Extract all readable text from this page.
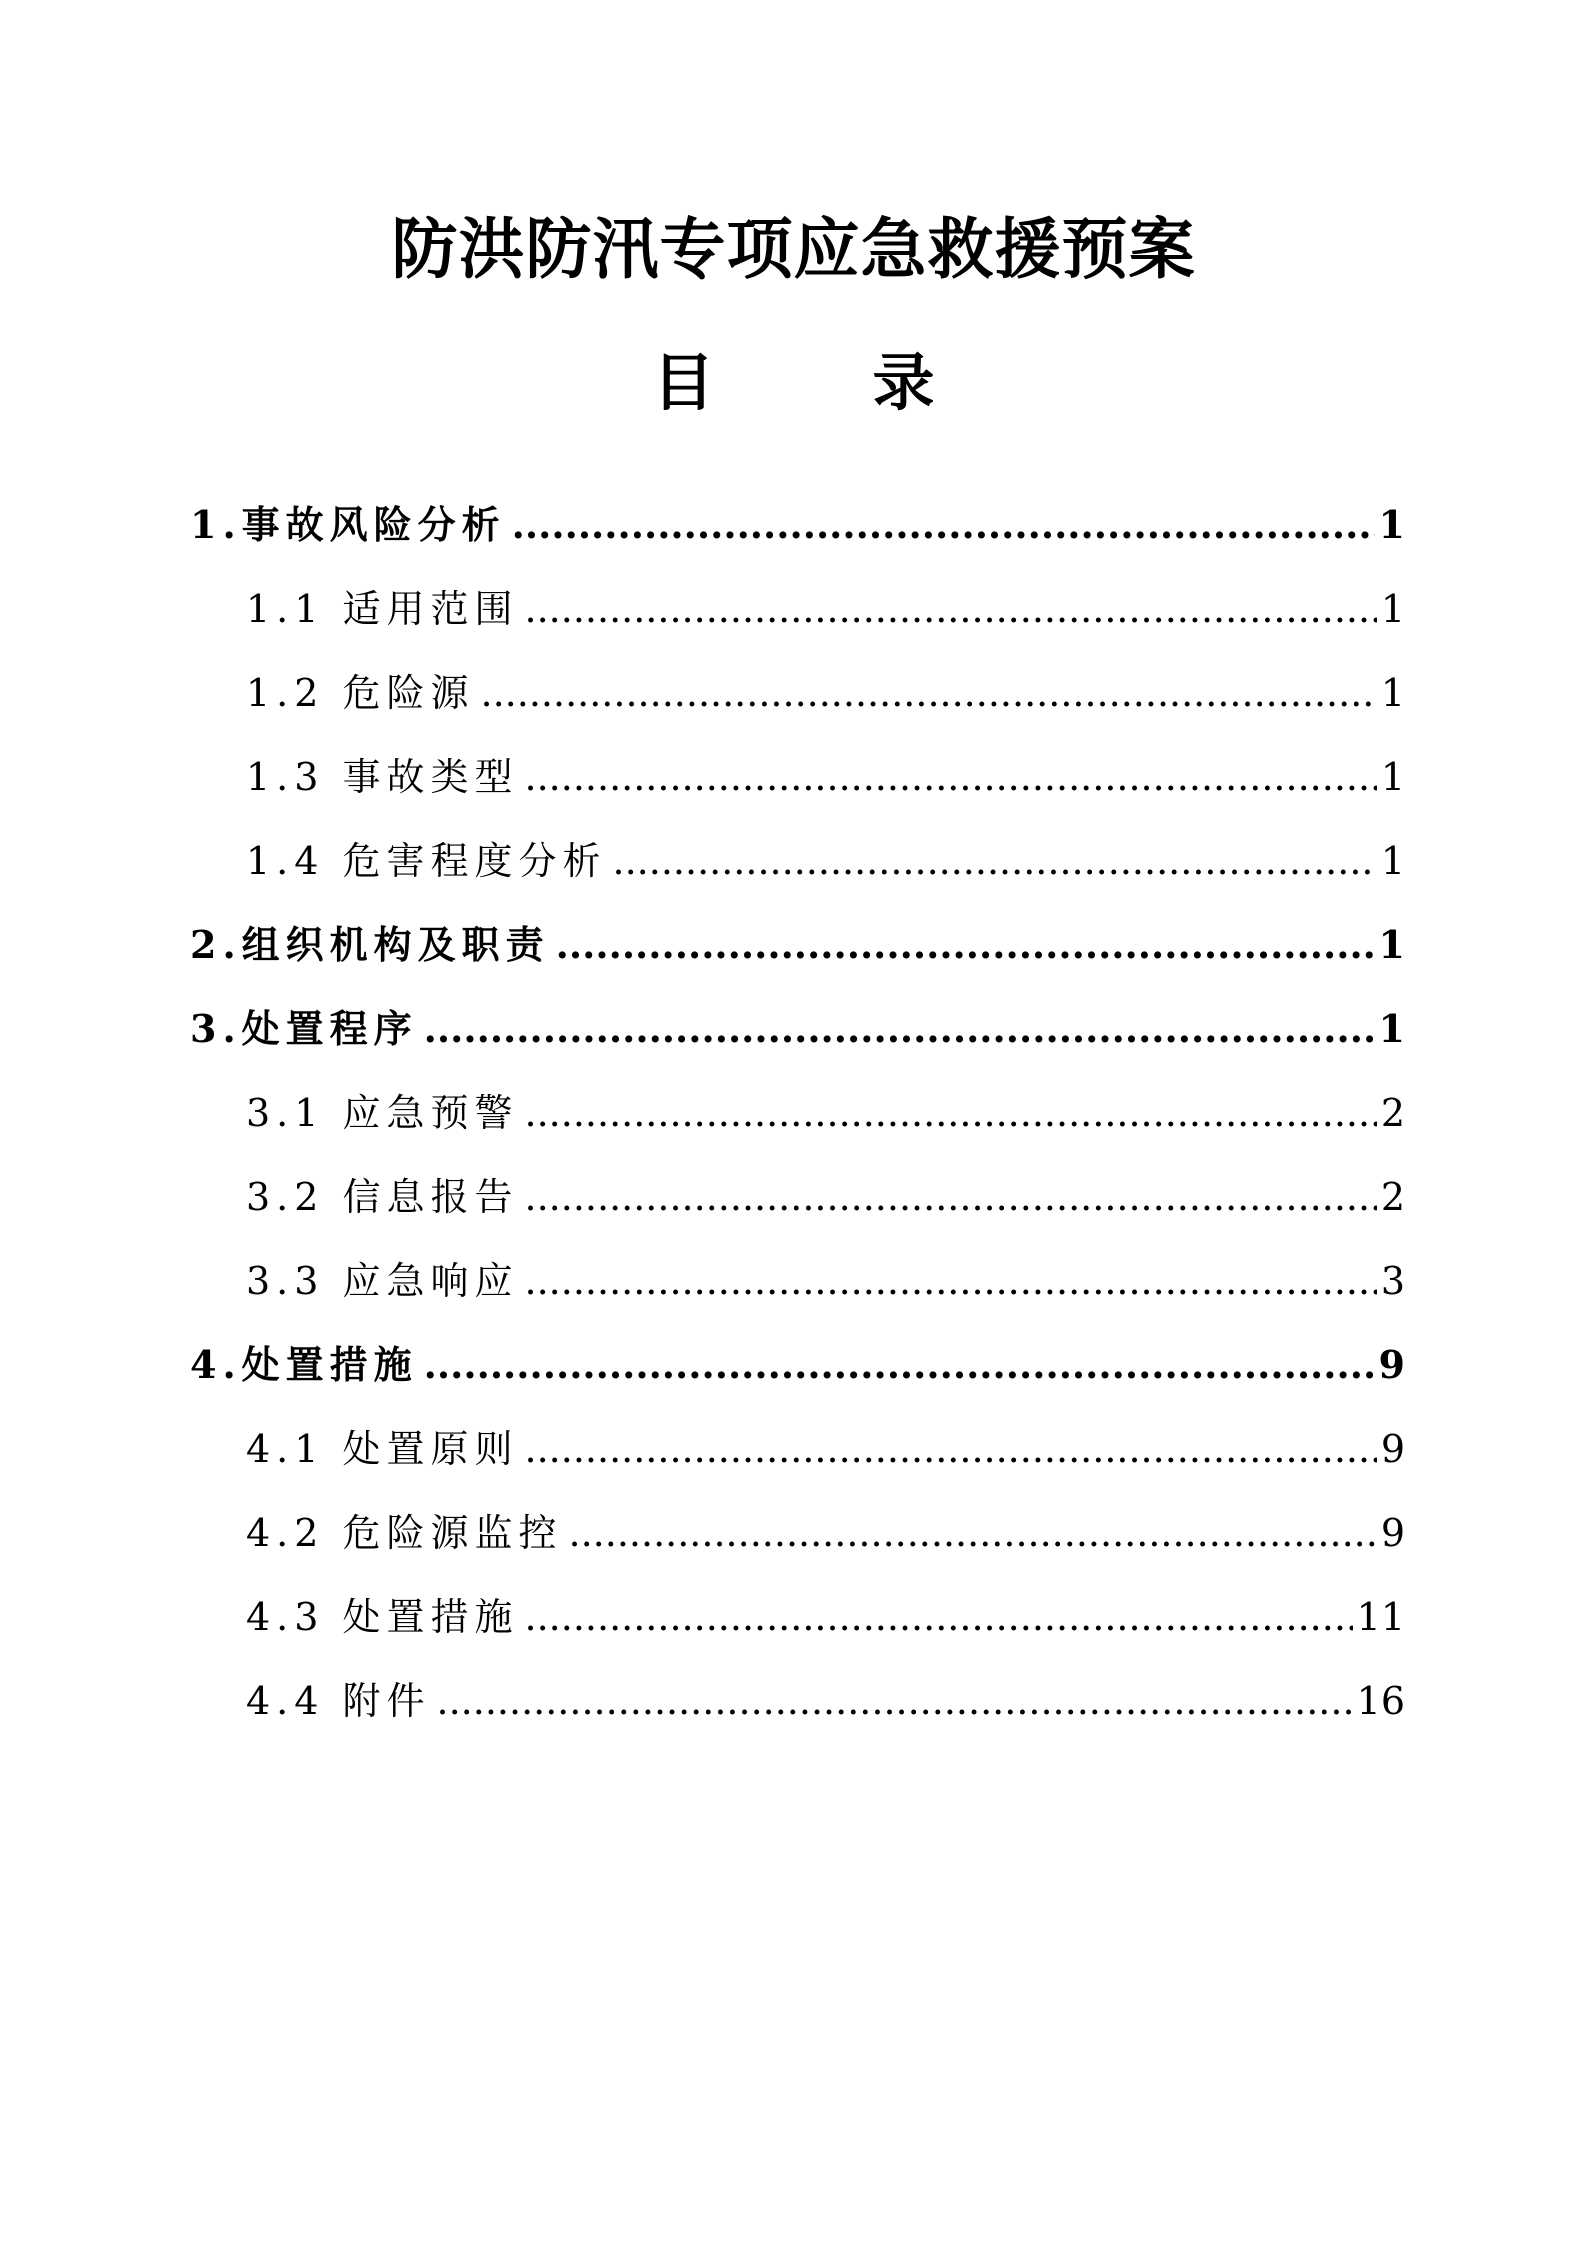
防洪防汛专项应急救援预案
目 录
1.事故风险分析 .....	1
1.1 适用范围 .....	1
1.2 危险源 .....	1
1.3 事故类型 .....	1
1.4 危害程度分析 .....	1
2.组织机构及职责 .....	1
3.处置程序 .....	1
3.1 应急预警 .....	2
3.2 信息报告 .....	2
3.3 应急响应 .....	3
4.处置措施 .....	9
4.1 处置原则 .....	9
4.2 危险源监控 .....	9
4.3 处置措施 .....	11
4.4 附件 .....	16
